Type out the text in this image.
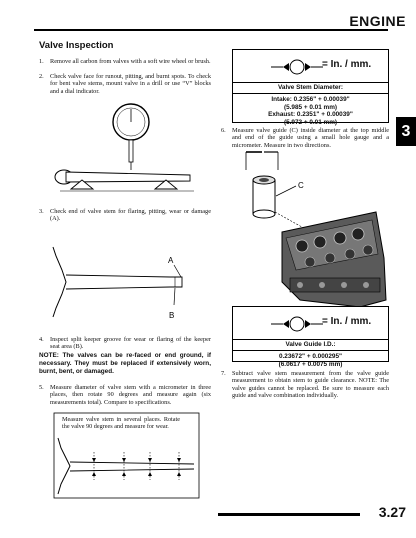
ENGINE
3
Valve Inspection
1. Remove all carbon from valves with a soft wire wheel or brush.
2. Check valve face for runout, pitting, and burnt spots. To check for bent valve stems, mount valve in a drill or use “V” blocks and a dial indicator.
3. Check end of valve stem for flaring, pitting, wear or damage (A).
A
B
4. Inspect split keeper groove for wear or flaring of the keeper seat area (B).
NOTE: The valves can be re-faced or end ground, if necessary. They must be replaced if extensively worn, burnt, bent, or damaged.
5. Measure diameter of valve stem with a micrometer in three places, then rotate 90 degrees and measure again (six measurements total). Compare to specifications.
Measure valve stem in several places. Rotate the valve 90 degrees and measure for wear.
= In. / mm.
Valve Stem Diameter:
Intake: 0.2356" + 0.00039"
(5.985 + 0.01 mm)
Exhaust: 0.2351" + 0.00039"
(5.972 + 0.01 mm)
6. Measure valve guide (C) inside diameter at the top middle and end of the guide using a small hole gauge and a micrometer. Measure in two directions.
C
= In. / mm.
Valve Guide I.D.:
0.23672" + 0.000295"
(6.0617 + 0.0075 mm)
7. Subtract valve stem measurement from the valve guide measurement to obtain stem to guide clearance. NOTE: The valve guides cannot be replaced. Be sure to measure each guide and valve combination individually.
3.27
